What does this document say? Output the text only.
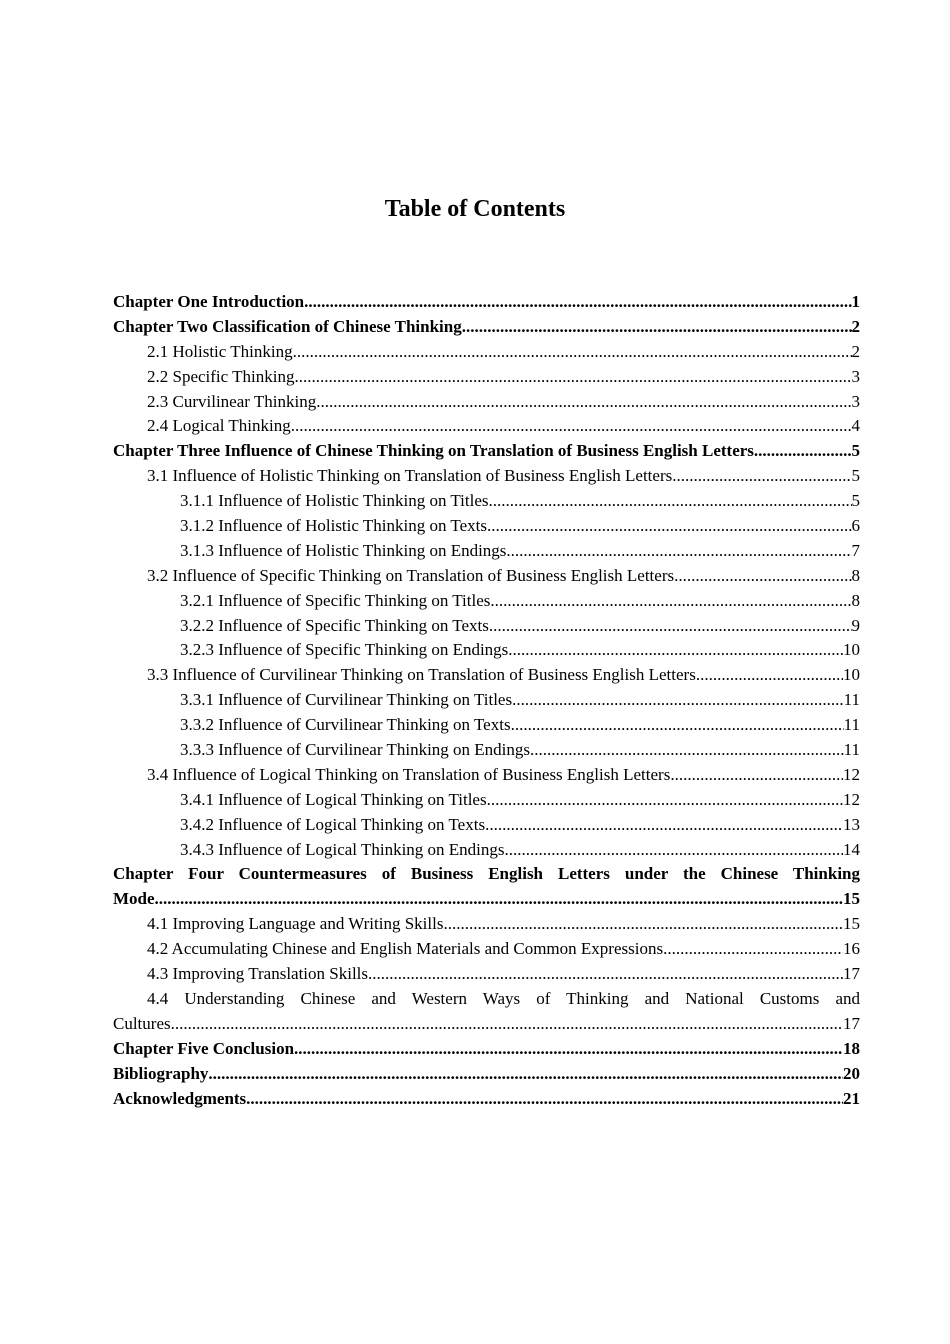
Table of Contents
Chapter One Introduction .....	1
Chapter Two Classification of Chinese Thinking .....	2
2.1 Holistic Thinking .....	2
2.2 Specific Thinking .....	3
2.3 Curvilinear Thinking .....	3
2.4 Logical Thinking .....	4
Chapter Three Influence of Chinese Thinking on Translation of Business English Letters .....	5
3.1 Influence of Holistic Thinking on Translation of Business English Letters .....	5
3.1.1 Influence of Holistic Thinking on Titles .....	5
3.1.2 Influence of Holistic Thinking on Texts .....	6
3.1.3 Influence of Holistic Thinking on Endings .....	7
3.2 Influence of Specific Thinking on Translation of Business English Letters .....	8
3.2.1 Influence of Specific Thinking on Titles .....	8
3.2.2 Influence of Specific Thinking on Texts .....	9
3.2.3 Influence of Specific Thinking on Endings .....	10
3.3 Influence of Curvilinear Thinking on Translation of Business English Letters .....	10
3.3.1 Influence of Curvilinear Thinking on Titles .....	11
3.3.2 Influence of Curvilinear Thinking on Texts .....	11
3.3.3 Influence of Curvilinear Thinking on Endings .....	11
3.4 Influence of Logical Thinking on Translation of Business English Letters .....	12
3.4.1 Influence of Logical Thinking on Titles .....	12
3.4.2 Influence of Logical Thinking on Texts .....	13
3.4.3 Influence of Logical Thinking on Endings .....	14
Chapter Four Countermeasures of Business English Letters under the Chinese Thinking
Mode .....	15
4.1 Improving Language and Writing Skills .....	15
4.2 Accumulating Chinese and English Materials and Common Expressions .....	16
4.3 Improving Translation Skills .....	17
4.4 Understanding Chinese and Western Ways of Thinking and National Customs and
Cultures .....	17
Chapter Five Conclusion .....	18
Bibliography .....	20
Acknowledgments .....	21
